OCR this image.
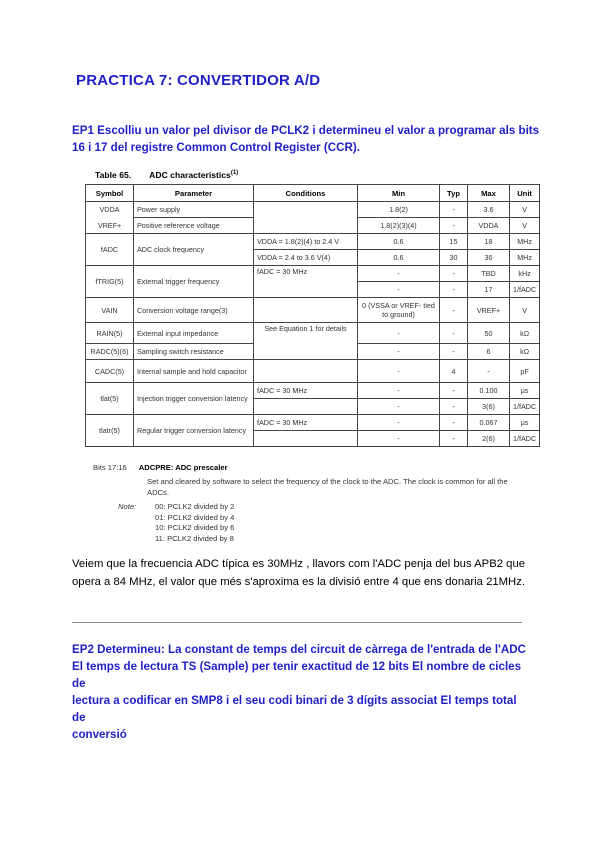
PRACTICA 7: CONVERTIDOR A/D
EP1 Escolliu un valor pel divisor de PCLK2 i determineu el valor a programar als bits
16 i 17 del registre Common Control Register (CCR).
Table 65. ADC characteristics$^{(1)}$
Symbol	Parameter	Conditions	Min	Typ	Max	Unit
VDDA	Power supply		1.8(2)	-	3.6	V
VREF+	Positive reference voltage		1.8(2)(3)(4)	-	VDDA	V
fADC	ADC clock frequency	VDDA = 1.8(2)(4) to 2.4 V	0.6	15	18	MHz
		VDDA = 2.4 to 3.6 V(4)	0.6	30	36	MHz
fTRIG(5)	External trigger frequency	fADC = 30 MHz	-	-	TBD	kHz
			-	-	17	1/fADC
VAIN	Conversion voltage range(3)		0 (VSSA or VREF- tied to ground)	-	VREF+	V
RAIN(5)	External input impedance	See Equation 1 for details	-	-	50	kΩ
RADC(5)(6)	Sampling switch resistance		-	-	6	kΩ
CADC(5)	Internal sample and hold capacitor		-	4	-	pF
tlat(5)	Injection trigger conversion latency	fADC = 30 MHz	-	-	0.100	µs
			-	-	3(6)	1/fADC
tlatr(5)	Regular trigger conversion latency	fADC = 30 MHz	-	-	0.067	µs
			-	-	2(6)	1/fADC
Bits 17:16 ADCPRE: ADC prescaler
Set and cleared by software to select the frequency of the clock to the ADC. The clock is common for all the ADCs.
Note: 00: PCLK2 divided by 2
01: PCLK2 divided by 4
10: PCLK2 divided by 6
11: PCLK2 divided by 8
Veiem que la frecuencia ADC típica es 30MHz , llavors com l'ADC penja del bus APB2 que
opera a 84 MHz, el valor que més s'aproxima es la divisió entre 4 que ens donaria 21MHz.
EP2 Determineu: La constant de temps del circuit de càrrega de l'entrada de l'ADC
El temps de lectura TS (Sample) per tenir exactitud de 12 bits El nombre de cicles de
lectura a codificar en SMP8 i el seu codi binari de 3 dígits associat El temps total de
conversió
